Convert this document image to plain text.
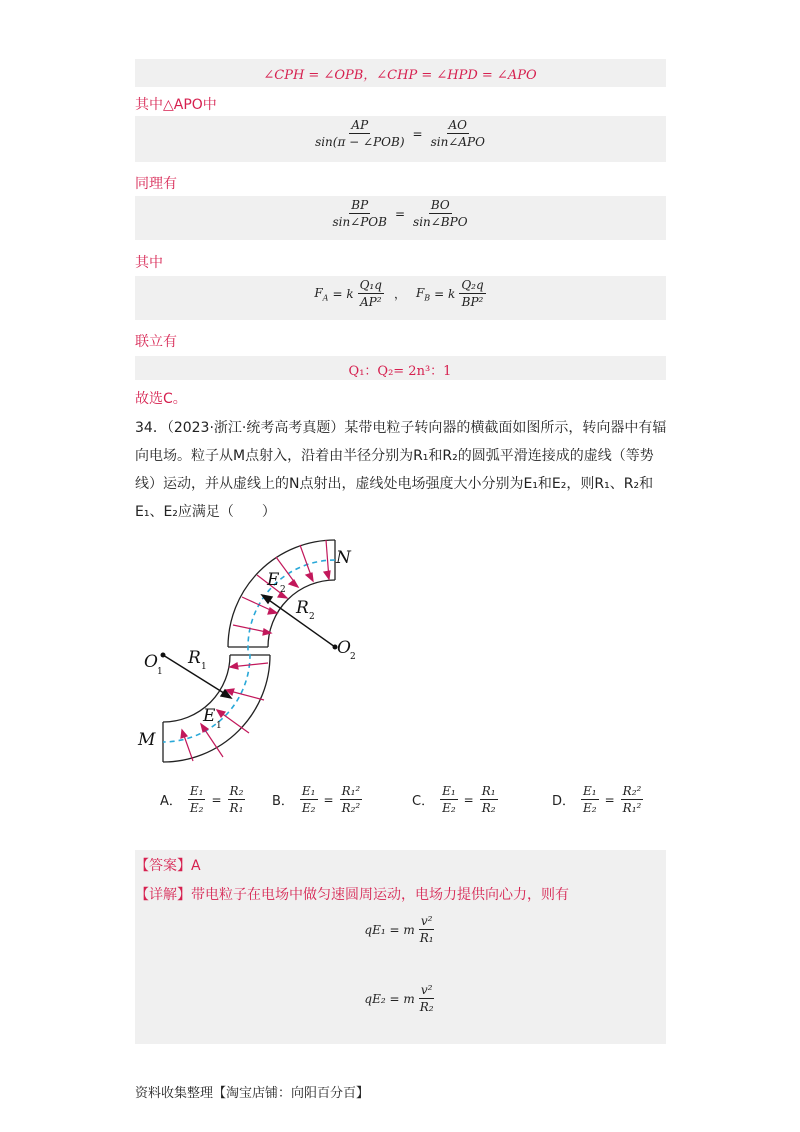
∠CPH = ∠OPB，∠CHP = ∠HPD = ∠APO
其中△APO中
$\frac{AP}{\text{sin(π − ∠POB)}} = \frac{AO}{\text{sin∠APO}}$
同理有
$\frac{BP}{\text{sin∠POB}} = \frac{BO}{\text{sin∠BPO}}$
其中
$F_A = k \frac{\text{Q₁q}}{\text{AP²}}$ ， $F_B = k \frac{\text{Q₂q}}{\text{BP²}}$
联立有
Q₁：Q₂= 2n³：1
故选C。
34．（2023·浙江·统考高考真题）某带电粒子转向器的横截面如图所示，转向器中有辐向电场。粒子从M点射入，沿着由半径分别为R₁和R₂的圆弧平滑连接成的虚线（等势线）运动，并从虚线上的N点射出，虚线处电场强度大小分别为E₁和E₂，则R₁、R₂和E₁、E₂应满足（　　）
N
M
O 1
O 2
R 1
R 2
E 1
E 2
A． $\frac{\text{E₁}}{\text{E₂}} = \frac{\text{R₂}}{\text{R₁}}$ B． $\frac{\text{E₁}}{\text{E₂}} = \frac{\text{R₁²}}{\text{R₂²}}$	C． $\frac{\text{E₁}}{\text{E₂}} = \frac{\text{R₁}}{\text{R₂}}$	D． $\frac{\text{E₁}}{\text{E₂}} = \frac{\text{R₂²}}{\text{R₁²}}$
【答案】A
【详解】带电粒子在电场中做匀速圆周运动，电场力提供向心力，则有
qE₁ = m $\frac{\text{v²}}{\text{R₁}}$
qE₂ = m $\frac{\text{v²}}{\text{R₂}}$
资料收集整理【淘宝店铺：向阳百分百】
